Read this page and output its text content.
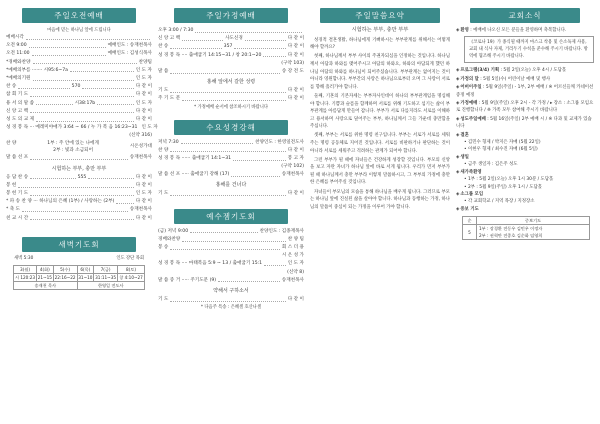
주일오전예배
마음에 믿는 하나님 앞에 드립니다
예배시각
오전 9:00	예배인도 : 송재천목사
오전 11:00	예배인도 : 김성식목사
*경배와찬양	찬양팀
*예배의부름 ······· 시95:6~7a	인 도 자
*예배의기원	인 도 자
찬 송	570	다 같 이
참 회 기 도	다 같 이
용 서 의 말 씀	시38:17b	인 도 자
신 앙 고 백	다 같 이
성 도 의 교 제	다 같 이
성 경 봉 독 ··· 예레미야애가 3:64 ~ 66 / 누 가 복 음 16:23~31 인 도 자
(신약 316)
찬 양	1부 : 주 안에 있는 나에게
2부 : 빛과 소금되어
시온성가대
말 씀 선 포	송재천목사
시험하는 부부, 충만 부부
응 답 찬 송	555	다 같 이
봉 헌	다 같 이
봉 헌 기 도	인 도 자
* 파 송 찬 양 ··· 하나님의 은혜 (1부) / 사랑하는 (2부)	다 같 이
* 축 도	송재천목사
친 교 시 간	다 같 이
새벽기도회
새벽 5:30	인도 강단 목회
3(월)	4(화)	5(수)	6(목)	7(금)	8(토)
시 120:23	21~15	22:16~22	31~10	31:11~35	창 4:10~27
송재천 목사			한영일 전도사		
주일가정예배
오후 3:00 / 7:30
신 앙 고 백	사도신경	다 같 이
찬 송	357	다 같 이
성 경 봉 독 ···· 출애굽기 14:15~31 / 창 20:1~20	다 같 이
(구약 103)
말 씀	송 강 전 도
홍해 앞에서 갈한 성령
기 도	다 같 이
주 기 도 문	다 같 이
* 가정예배 순서에 참조하시기 바랍니다
수요성경강해
저녁 7:30	찬양인도 : 한영일전도사
찬 양	다 같 이
성 경 봉 독 ······ 출애굽기 14:1~31	봉 고 자
(구약 102)
말 씀 선 포 ····· 출애굽기 강해 (17)	송재천목사
홍해를 건너다
기 도	다 같 이
예수젬기도회
(금) 저녁 9:00	찬양인도 : 김종재목사
경배와찬양	찬 양 팀
봉 송	회 스 더 용
시 온 성 가
성 경 봉 독 ···· 마태복음 5:9 ~ 13 / 출애굽기 15:1	인 도 자
(신약 8)
말 씀 증 거 ····· 주기도문 (9)	송재천목사
약해서 구하소서
기 도	다 같 이
* 다음주 특송 : 은혜셀 호산나셀
주일말씀요약
시험하는 부부, 충만 부부

성경적 결혼생활, 하나님에게 기뻐하시는 부부관계를 위해서는 어떻게 해야 할까요?

첫째, 하나님께서 부부 사이의 주권자되심을 인정하는 것입니다. 하나님께서 아담과 하와를 맺어주시고 아담의 하와요, 하와의 아담되게 했던 하나님 아담의 하와를 하나님이 되어주셨습니다. 부부관계는 없어지는 것이 아니라 영원합니다. 부부간의 사랑은 하나님으로부터 오며 그 사랑이 서로를 향해 흘러가야 합니다.

둘째, 기혼의 기본자세는 부부자사인데이 하나의 부부관계임을 명심해야 합니다. 기쁨과 슬픔을 함께하며 서로를 위해 기도하고 섬기는 삶이 부부관계를 아름답게 만들어 갑니다. 부부가 서로 다를지라도 서로를 이해하고 용서하며 사랑으로 덮어주는 부부, 하나님께서 그들 가운데 충만함을 주십니다.

셋째, 부부는 서로를 위한 명령 친구입니다. 부부는 서로가 서로를 세워주는 명령 공동체로 지어진 것입니다. 서로를 비판하거나 판단하는 것이 아니라 서로를 세워주고 격려하는 관계가 되어야 합니다.

그런 부부가 될 때에 자녀들은 건강하게 성장할 것입니다. 부모의 신앙을 보고 자란 자녀가 하나님 앞에 바로 서게 됩니다. 우리가 먼저 부부가 될 때 하나님께서 충만 부부라 이렇게 말씀하시고, 그 부부의 가정에 충만한 은혜를 부어주실 것입니다.

자녀들이 부모님의 모습을 통해 하나님을 배우게 됩니다. 그러므로 부모는 하나님 앞에 진실된 삶을 살아야 합니다. 하나님과 동행하는 가정, 하나님의 말씀이 중심이 되는 가정을 이루어 가야 합니다.

교회소식
◈환영 : 예배에 나오신 모든 분들을 환영하며 축복합니다.
《코로나 19》가 종식될 때까지 마스크 착용 및 손소독제 사용, 교회 내 식사 자제, 거리두기 수칙을 준수해 주시기 바랍니다. 방역에 협조해 주시기 바랍니다.
◈프로그램(3/4) 기획 : 5월 2일(오늘) 오후 4시 / 도담홀
◈가정의 달 : 5월 5일(수) 어린이날 예배 및 행사
◈어버이주일 : 5월 9일(주일) - 1부, 2부 예배 / ※ 어르신들께 카네이션 증정 예정
◈가정예배 : 5월 9일(주일) 오후 2시 - 각 가정 / ▸ 장소 : 소그룹 모임으로 진행합니다 / ※ 가족 모두 참여해 주시기 바랍니다
◈성도주일예배 : 5월 16일(주일) 2부 예배 시 / ※ 다과 및 교제가 있습니다
◈결혼
• 김민수 형제 / 박지은 자매 (5월 22일)
• 이현우 형제 / 최수진 자매 (6월 5일)
◈생일
• 금주 생일자 : 김은주 성도
◈새가족환영
• 1부 : 5월 2일(오늘) 오후 1시 30분 / 도담홀
• 2부 : 5월 9일(주일) 오후 1시 / 도담홀
◈소그룹 모임
• 각 교회학교 / 지역 목장 / 지정장소
◈중보 기도
순	중보기도
5	1부 : 장경환 전동우 김민우 이정자
2부 : 권혁만 전종호 김순화 임영희
